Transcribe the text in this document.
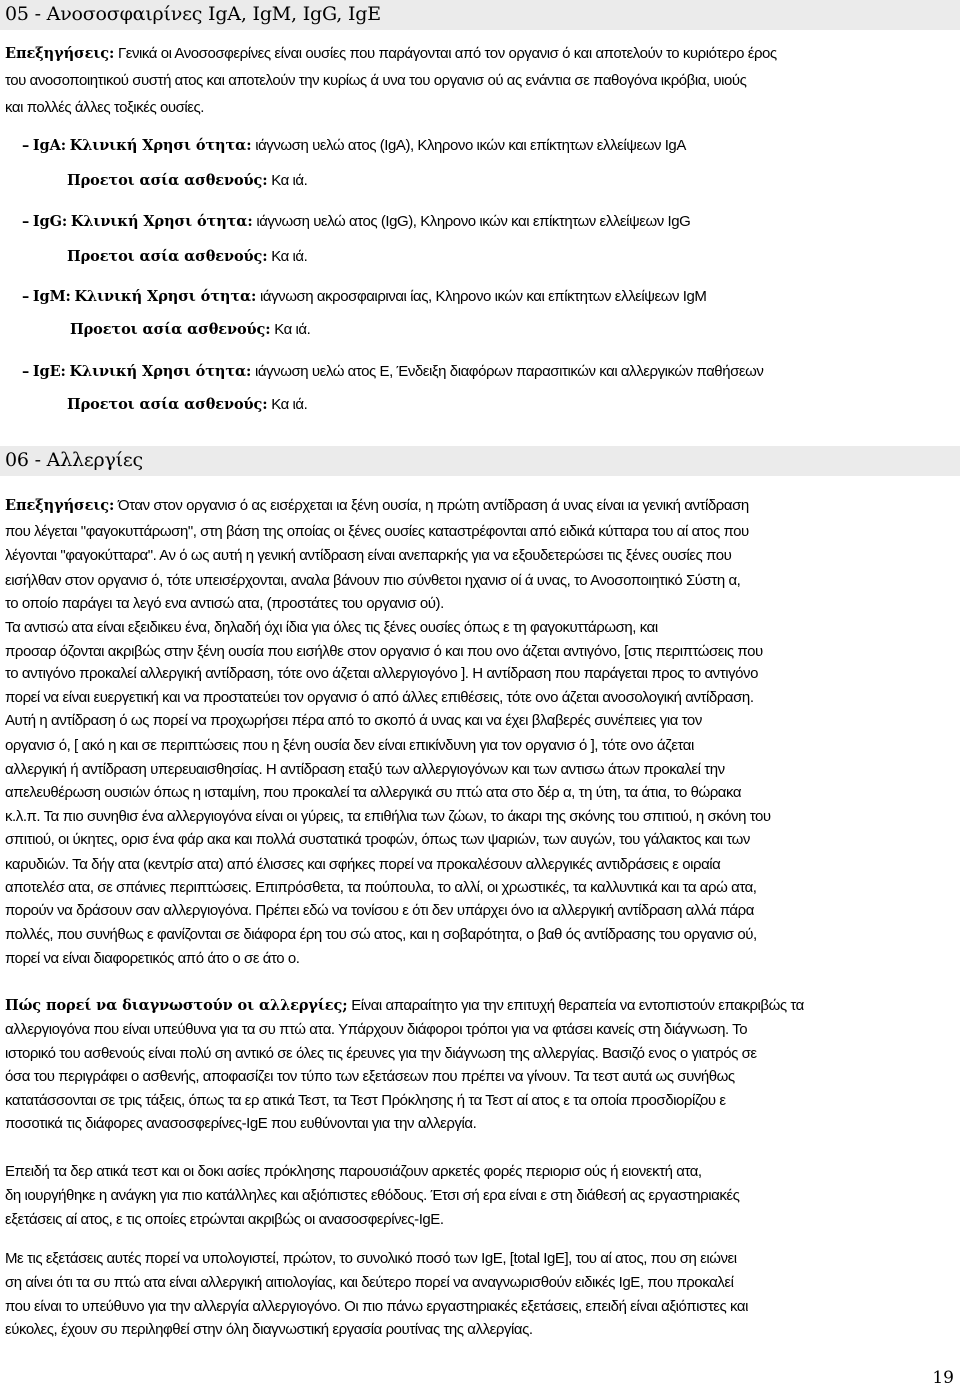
05 - Ανοσοσφαιρίνες IgA, IgM, IgG, IgE
Επεξηγήσεις: Γενικά οι Ανοσοσφερίνες είναι ουσίες που παράγονται από τον οργανισ ό και αποτελούν το κυριότερο έρος
του ανοσοποιητικού συστή ατος και αποτελούν την κυρίως ά υνα του οργανισ ού ας ενάντια σε παθογόνα ικρόβια, υιούς
και πολλές άλλες τοξικές ουσίες.
– IgA: Κλινική Χρησι ότητα: ιάγνωση υελώ ατος (IgA), Κληρονο ικών και επίκτητων ελλείψεων IgA
Προετοι ασία ασθενούς: Κα ιά.
– IgG: Κλινική Χρησι ότητα: ιάγνωση υελώ ατος (IgG), Κληρονο ικών και επίκτητων ελλείψεων IgG
Προετοι ασία ασθενούς: Κα ιά.
– IgM: Κλινική Χρησι ότητα: ιάγνωση ακροσφαιριναι ίας, Κληρονο ικών και επίκτητων ελλείψεων IgM
Προετοι ασία ασθενούς: Κα ιά.
– IgE: Κλινική Χρησι ότητα: ιάγνωση υελώ ατος Ε, Ένδειξη διαφόρων παρασιτικών και αλλεργικών παθήσεων
Προετοι ασία ασθενούς: Κα ιά.
06 - Αλλεργίες
Επεξηγήσεις: Όταν στον οργανισ ό ας εισέρχεται ια ξένη ουσία, η πρώτη αντίδραση ά υνας είναι ια γενική αντίδραση
που λέγεται "φαγοκυττάρωση", στη βάση της οποίας οι ξένες ουσίες καταστρέφονται από ειδικά κύτταρα του αί ατος που
λέγονται "φαγοκύτταρα". Αν ό ως αυτή η γενική αντίδραση είναι ανεπαρκής για να εξουδετερώσει τις ξένες ουσίες που
εισήλθαν στον οργανισ ό, τότε υπεισέρχονται, αναλα βάνουν πιο σύνθετοι ηχανισ οί ά υνας, το Ανοσοποιητικό Σύστη α,
το οποίο παράγει τα λεγό ενα αντισώ ατα, (προστάτες του οργανισ ού).
Τα αντισώ ατα είναι εξειδικευ ένα, δηλαδή όχι ίδια για όλες τις ξένες ουσίες όπως ε τη φαγοκυττάρωση, και
προσαρ όζονται ακριβώς στην ξένη ουσία που εισήλθε στον οργανισ ό και που ονο άζεται αντιγόνο, [στις περιπτώσεις που
το αντιγόνο προκαλεί αλλεργική αντίδραση, τότε ονο άζεται αλλεργιογόνο ]. Η αντίδραση που παράγεται προς το αντιγόνο
πορεί να είναι ευεργετική και να προστατεύει τον οργανισ ό από άλλες επιθέσεις, τότε ονο άζεται ανοσολογική αντίδραση.
Αυτή η αντίδραση ό ως πορεί να προχωρήσει πέρα από το σκοπό ά υνας και να έχει βλαβερές συνέπειες για τον
οργανισ ό, [ ακό η και σε περιπτώσεις που η ξένη ουσία δεν είναι επικίνδυνη για τον οργανισ ό ], τότε ονο άζεται
αλλεργική ή αντίδραση υπερευαισθησίας. Η αντίδραση εταξύ των αλλεργιογόνων και των αντισω άτων προκαλεί την
απελευθέρωση ουσιών όπως η ισταµίνη, που προκαλεί τα αλλεργικά συ πτώ ατα στο δέρ α, τη ύτη, τα άτια, το θώρακα
κ.λ.π. Τα πιο συνηθισ ένα αλλεργιογόνα είναι οι γύρεις, τα επιθήλια των ζώων, το άκαρι της σκόνης του σπιτιού, η σκόνη του
σπιτιού, οι ύκητες, ορισ ένα φάρ ακα και πολλά συστατικά τροφών, όπως των ψαριών, των αυγών, του γάλακτος και των
καρυδιών. Τα δήγ ατα (κεντρίσ ατα) από έλισσες και σφήκες πορεί να προκαλέσουν αλλεργικές αντιδράσεις ε οιραία
αποτελέσ ατα, σε σπάνιες περιπτώσεις. Επιπρόσθετα, τα πούπουλα, το αλλί, οι χρωστικές, τα καλλυντικά και τα αρώ ατα,
πορούν να δράσουν σαν αλλεργιογόνα. Πρέπει εδώ να τονίσου ε ότι δεν υπάρχει όνο ια αλλεργική αντίδραση αλλά πάρα
πολλές, που συνήθως ε φανίζονται σε διάφορα έρη του σώ ατος, και η σοβαρότητα, ο βαθ ός αντίδρασης του οργανισ ού,
πορεί να είναι διαφορετικός από άτο ο σε άτο ο.
Πώς πορεί να διαγνωστούν οι αλλεργίες; Είναι απαραίτητο για την επιτυχή θεραπεία να εντοπιστούν επακριβώς τα
αλλεργιογόνα που είναι υπεύθυνα για τα συ πτώ ατα. Υπάρχουν διάφοροι τρόποι για να φτάσει κανείς στη διάγνωση. Το
ιστορικό του ασθενούς είναι πολύ ση αντικό σε όλες τις έρευνες για την διάγνωση της αλλεργίας. Βασιζό ενος ο γιατρός σε
όσα του περιγράφει ο ασθενής, αποφασίζει τον τύπο των εξετάσεων που πρέπει να γίνουν. Τα τεστ αυτά ως συνήθως
κατατάσσονται σε τρις τάξεις, όπως τα ερ ατικά Τεστ, τα Τεστ Πρόκλησης ή τα Τεστ αί ατος ε τα οποία προσδιορίζου ε
ποσοτικά τις διάφορες ανασοσφερίνες-IgE που ευθύνονται για την αλλεργία.
Επειδή τα δερ ατικά τεστ και οι δοκι ασίες πρόκλησης παρουσιάζουν αρκετές φορές περιορισ ούς ή ειονεκτή ατα,
δη ιουργήθηκε η ανάγκη για πιο κατάλληλες και αξιόπιστες εθόδους. Έτσι σή ερα είναι ε στη διάθεσή ας εργαστηριακές
εξετάσεις αί ατος, ε τις οποίες ετρώνται ακριβώς οι ανασοσφερίνες-IgE.
Με τις εξετάσεις αυτές πορεί να υπολογιστεί, πρώτον, το συνολικό ποσό των IgE, [total IgE], του αί ατος, που ση ειώνει
ση αίνει ότι τα συ πτώ ατα είναι αλλεργική αιτιολογίας, και δεύτερο πορεί να αναγνωρισθούν ειδικές IgE, που προκαλεί
που είναι το υπεύθυνο για την αλλεργία αλλεργιογόνο. Οι πιο πάνω εργαστηριακές εξετάσεις, επειδή είναι αξιόπιστες και
εύκολες, έχουν συ περιληφθεί στην όλη διαγνωστική εργασία ρουτίνας της αλλεργίας.
19
